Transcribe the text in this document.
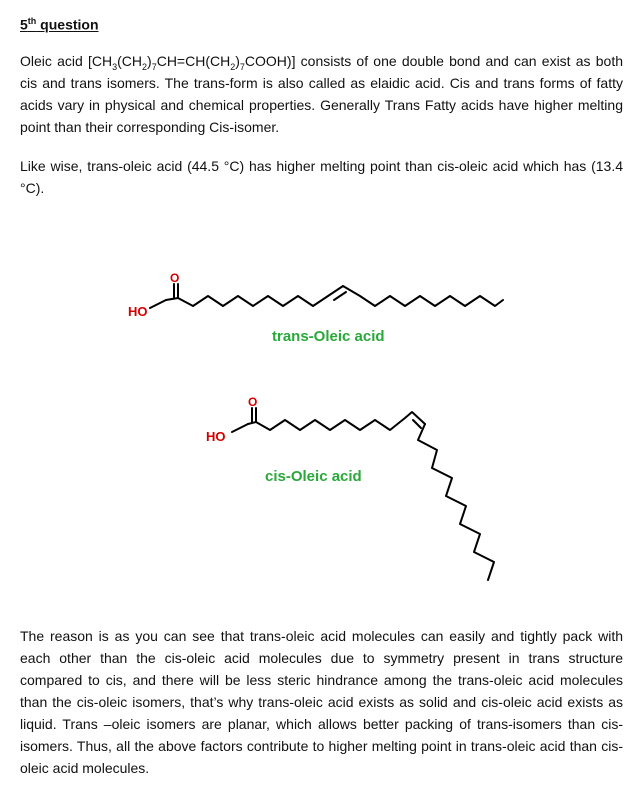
5th question

Oleic acid $[CH_3(CH_2)_7CH=CH(CH_2)_7COOH)$] consists of one double bond and can exist as both cis and trans isomers. The trans-form is also called as elaidic acid. Cis and trans forms of fatty acids vary in physical and chemical properties. Generally Trans Fatty acids have higher melting point than their corresponding Cis-isomer.

Like wise, trans-oleic acid (44.5 °C) has higher melting point than cis-oleic acid which has (13.4 °C).

O
HO
trans-Oleic acid
O
HO
cis-Oleic acid

The reason is as you can see that trans-oleic acid molecules can easily and tightly pack with each other than the cis-oleic acid molecules due to symmetry present in trans structure compared to cis, and there will be less steric hindrance among the trans-oleic acid molecules than the cis-oleic isomers, that’s why trans-oleic acid exists as solid and cis-oleic acid exists as liquid. Trans –oleic isomers are planar, which allows better packing of trans-isomers than cis-isomers. Thus, all the above factors contribute to higher melting point in trans-oleic acid than cis-oleic acid molecules.
